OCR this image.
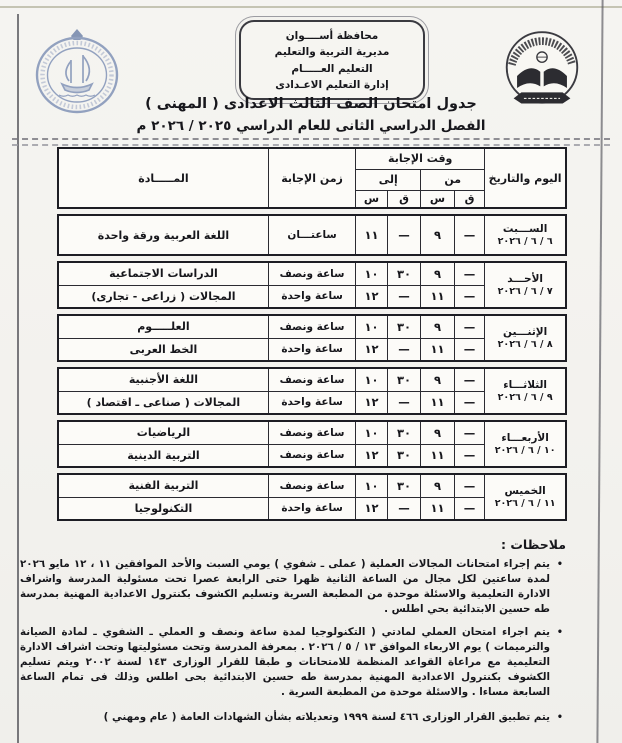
محافظة أســــوان
مديرية التربية والتعليم
التعليم العـــــام
إدارة التعليم الاعـدادى
جدول امتحان الصف الثالث الاعدادى ( المهنى )
الفصل الدراسي الثانى للعام الدراسي ٢٠٢٥ / ٢٠٢٦ م
اليوم والتاريخ	وقت الإجابة				زمن الإجابة	المـــــادة
	من		إلى			
	ق	س	ق	س		
الســـبت
٦ / ٦ / ٢٠٢٦
	—	٩	—	١١	ساعتـــان	اللغة العربية ورقة واحدة
الأحـــد
٧ / ٦ / ٢٠٢٦	—	٩	٣٠	١٠	ساعة ونصف	الدراسات الاجتماعية
	—	١١	—	١٢	ساعة واحدة	المجالات ( زراعى - تجارى)
الإثنـــين
٨ / ٦ / ٢٠٢٦	—	٩	٣٠	١٠	ساعة ونصف	العلـــــوم
	—	١١	—	١٢	ساعة واحدة	الخط العربى
الثلاثـــاء
٩ / ٦ / ٢٠٢٦	—	٩	٣٠	١٠	ساعة ونصف	اللغة الأجنبية
	—	١١	—	١٢	ساعة واحدة	المجالات ( صناعى ـ اقتصاد )
الأربعـــاء
١٠ / ٦ / ٢٠٢٦	—	٩	٣٠	١٠	ساعة ونصف	الرياضيات
	—	١١	٣٠	١٢	ساعة ونصف	التربية الدينية
الخميس
١١ / ٦ / ٢٠٢٦	—	٩	٣٠	١٠	ساعة ونصف	التربية الفنية
	—	١١	—	١٢	ساعة واحدة	التكنولوجيا
ملاحظات :
•
يتم إجراء امتحانات المجالات العملية ( عملى ـ شفوي ) يومي السبت والأحد الموافقين ١١ ، ١٢ مايو ٢٠٢٦ لمدة ساعتين لكل مجال من الساعة الثانية ظهرا حتى الرابعة عصرا تحت مسئولية المدرسة واشراف الادارة التعليمية والاسئلة موحدة من المطبعة السرية وتسليم الكشوف بكنترول الاعدادية المهنية بمدرسة طه حسين الابتدائية بحي اطلس .
•
يتم اجراء امتحان العملي لمادتي ( التكنولوجيا لمدة ساعة ونصف و العملي ـ الشفوي ـ لمادة الصيانة والترميمات ) يوم الاربعاء الموافق ١٣ / ٥ / ٢٠٢٦ . بمعرفة المدرسة وتحت مسئوليتها وتحت اشراف الادارة التعليمية مع مراعاة القواعد المنظمة للامتحانات و طبقا للقرار الوزارى ١٤٣ لسنة ٢٠٠٢ ويتم تسليم الكشوف بكنترول الاعدادية المهنية بمدرسة طه حسين الابتدائية بحى اطلس وذلك فى تمام الساعة السابعة مساءا . والاسئلة موحدة من المطبعة السرية .
•
يتم تطبيق القرار الوزارى ٤٦٦ لسنة ١٩٩٩ وتعديلاته بشأن الشهادات العامة ( عام ومهني )
